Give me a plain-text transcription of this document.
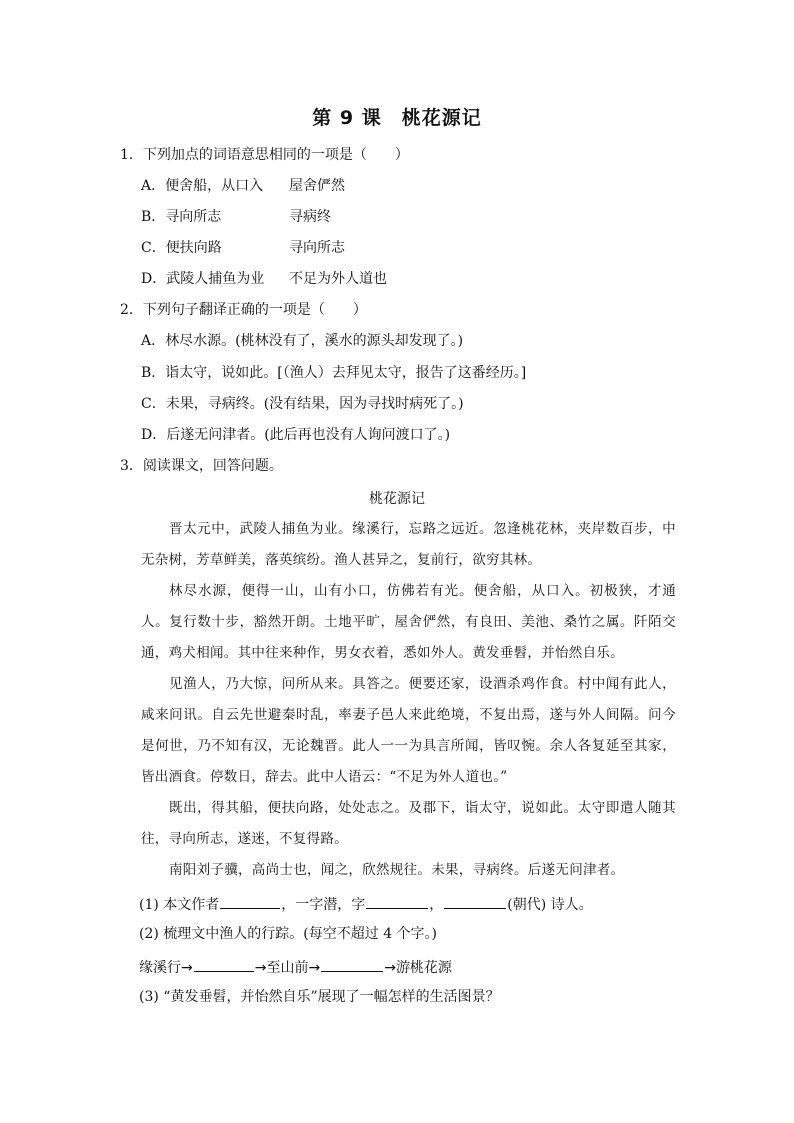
第 9 课　桃花源记
1．下列加点的词语意思相同的一项是（　　）
A．便舍船，从口入 屋舍俨然
B．寻向所志	寻病终
C．便扶向路	寻向所志
D．武陵人捕鱼为业 不足为外人道也
2．下列句子翻译正确的一项是（　　）
A．林尽水源。(桃林没有了，溪水的源头却发现了。)
B．诣太守，说如此。[（渔人）去拜见太守，报告了这番经历。]
C．未果，寻病终。(没有结果，因为寻找时病死了。)
D．后遂无问津者。(此后再也没有人询问渡口了。)
3．阅读课文，回答问题。
桃花源记
晋太元中，武陵人捕鱼为业。缘溪行，忘路之远近。忽逢桃花林，夹岸数百步，中无杂树，芳草鲜美，落英缤纷。渔人甚异之，复前行，欲穷其林。
林尽水源，便得一山，山有小口，仿佛若有光。便舍船，从口入。初极狭，才通人。复行数十步，豁然开朗。土地平旷，屋舍俨然，有良田、美池、桑竹之属。阡陌交通，鸡犬相闻。其中往来种作，男女衣着，悉如外人。黄发垂髫，并怡然自乐。
见渔人，乃大惊，问所从来。具答之。便要还家，设酒杀鸡作食。村中闻有此人，咸来问讯。自云先世避秦时乱，率妻子邑人来此绝境，不复出焉，遂与外人间隔。问今是何世，乃不知有汉，无论魏晋。此人一一为具言所闻，皆叹惋。余人各复延至其家，皆出酒食。停数日，辞去。此中人语云：“不足为外人道也。”
既出，得其船，便扶向路，处处志之。及郡下，诣太守，说如此。太守即遣人随其往，寻向所志，遂迷，不复得路。
南阳刘子骥，高尚士也，闻之，欣然规往。未果，寻病终。后遂无问津者。
(1) 本文作者	，一字潜，字	，	(朝代) 诗人。
(2) 梳理文中渔人的行踪。(每空不超过 4 个字。)
缘溪行→	→至山前→	→游桃花源
(3) “黄发垂髫，并怡然自乐”展现了一幅怎样的生活图景？
